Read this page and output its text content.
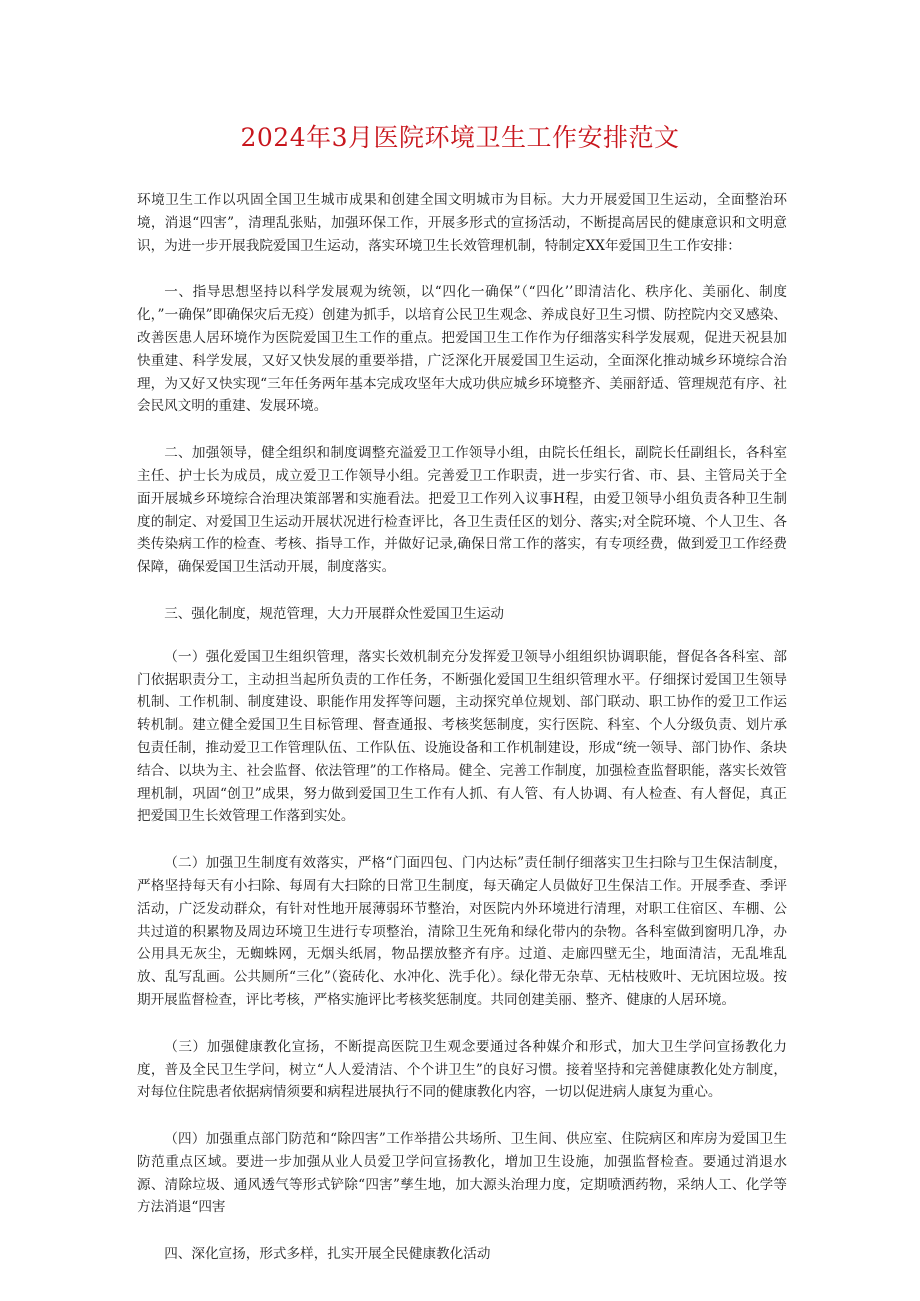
2024年3月医院环境卫生工作安排范文

环境卫生工作以巩固全国卫生城市成果和创建全国文明城市为目标。大力开展爱国卫生运动，全面整治环境，消退“四害”，清理乱张贴，加强环保工作，开展多形式的宣扬活动，不断提高居民的健康意识和文明意识，为进一步开展我院爱国卫生运动，落实环境卫生长效管理机制，特制定XX年爱国卫生工作安排：

一、指导思想坚持以科学发展观为统领，以“四化一确保”（“四化’’即清洁化、秩序化、美丽化、制度化，”一确保”即确保灾后无疫）创建为抓手，以培育公民卫生观念、养成良好卫生习惯、防控院内交叉感染、改善医患人居环境作为医院爱国卫生工作的重点。把爱国卫生工作作为仔细落实科学发展观，促进天祝县加快重建、科学发展，又好又快发展的重要举措，广泛深化开展爱国卫生运动，全面深化推动城乡环境综合治理，为又好又快实现“三年任务两年基本完成攻坚年大成功供应城乡环境整齐、美丽舒适、管理规范有序、社会民风文明的重建、发展环境。

二、加强领导，健全组织和制度调整充溢爱卫工作领导小组，由院长任组长，副院长任副组长，各科室主任、护士长为成员，成立爱卫工作领导小组。完善爱卫工作职责，进一步实行省、市、县、主管局关于全面开展城乡环境综合治理决策部署和实施看法。把爱卫工作列入议事H程，由爱卫领导小组负责各种卫生制度的制定、对爱国卫生运动开展状况进行检查评比，各卫生责任区的划分、落实;对全院环境、个人卫生、各类传染病工作的检查、考核、指导工作，并做好记录,确保日常工作的落实，有专项经费，做到爱卫工作经费保障，确保爱国卫生活动开展，制度落实。

三、强化制度，规范管理，大力开展群众性爱国卫生运动

（一）强化爱国卫生组织管理，落实长效机制充分发挥爱卫领导小组组织协调职能，督促各各科室、部门依据职责分工，主动担当起所负责的工作任务，不断强化爱国卫生组织管理水平。仔细探讨爱国卫生领导机制、工作机制、制度建设、职能作用发挥等问题，主动探究单位规划、部门联动、职工协作的爱卫工作运转机制。建立健全爱国卫生目标管理、督查通报、考核奖惩制度，实行医院、科室、个人分级负责、划片承包责任制，推动爱卫工作管理队伍、工作队伍、设施设备和工作机制建设，形成“统一领导、部门协作、条块结合、以块为主、社会监督、依法管理”的工作格局。健全、完善工作制度，加强检查监督职能，落实长效管理机制，巩固“创卫”成果，努力做到爱国卫生工作有人抓、有人管、有人协调、有人检查、有人督促，真正把爱国卫生长效管理工作落到实处。

（二）加强卫生制度有效落实，严格“门面四包、门内达标”责任制仔细落实卫生扫除与卫生保洁制度，严格坚持每天有小扫除、每周有大扫除的日常卫生制度，每天确定人员做好卫生保洁工作。开展季查、季评活动，广泛发动群众，有针对性地开展薄弱环节整治，对医院内外环境进行清理，对职工住宿区、车棚、公共过道的积累物及周边环境卫生进行专项整治，清除卫生死角和绿化带内的杂物。各科室做到窗明几净，办公用具无灰尘，无蜘蛛网，无烟头纸屑，物品摆放整齐有序。过道、走廊四壁无尘，地面清洁，无乱堆乱放、乱写乱画。公共厕所“三化”（瓷砖化、水冲化、洗手化）。绿化带无杂草、无枯枝败叶、无坑困垃圾。按期开展监督检查，评比考核，严格实施评比考核奖惩制度。共同创建美丽、整齐、健康的人居环境。

（三）加强健康教化宣扬，不断提高医院卫生观念要通过各种媒介和形式，加大卫生学问宣扬教化力度，普及全民卫生学问，树立“人人爱清洁、个个讲卫生”的良好习惯。接着坚持和完善健康教化处方制度，对每位住院患者依据病情须要和病程进展执行不同的健康教化内容，一切以促进病人康复为重心。

（四）加强重点部门防范和“除四害”工作举措公共场所、卫生间、供应室、住院病区和库房为爱国卫生防范重点区域。要进一步加强从业人员爱卫学问宣扬教化，增加卫生设施，加强监督检查。要通过消退水源、清除垃圾、通风透气等形式铲除“四害”孳生地，加大源头治理力度，定期喷洒药物，采纳人工、化学等方法消退“四害

四、深化宣扬，形式多样，扎实开展全民健康教化活动
